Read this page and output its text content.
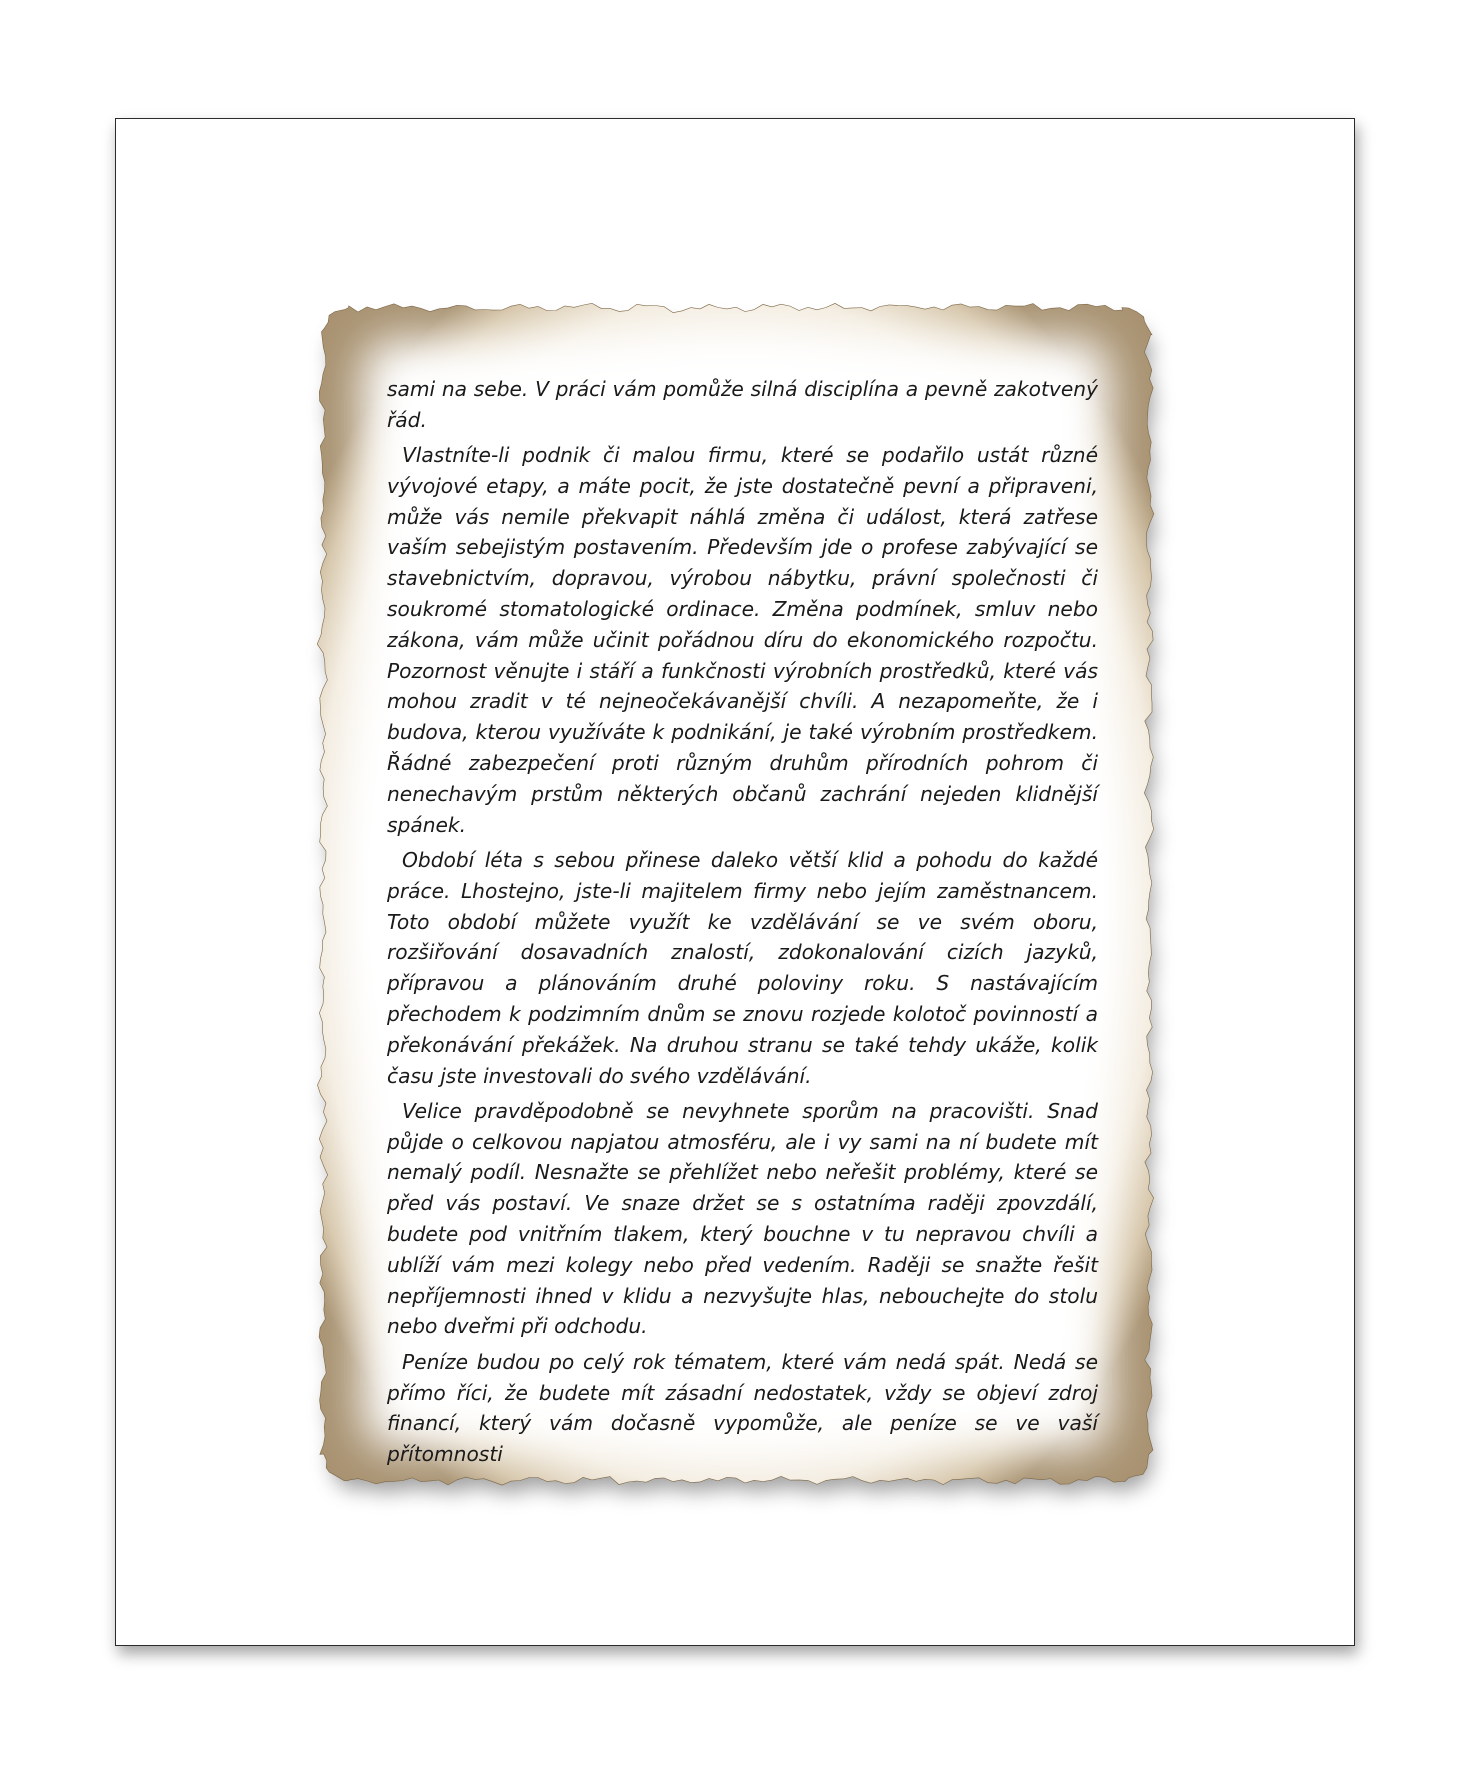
sami na sebe. V práci vám pomůže silná disciplína a pevně zakotvený řád.

Vlastníte-li podnik či malou firmu, které se podařilo ustát různé vývojové etapy, a máte pocit, že jste dostatečně pevní a připraveni, může vás nemile překvapit náhlá změna či událost, která zatřese vaším sebejistým postavením. Především jde o profese zabývající se stavebnictvím, dopravou, výrobou nábytku, právní společnosti či soukromé stomatologické ordinace. Změna podmínek, smluv nebo zákona, vám může učinit pořádnou díru do ekonomického rozpočtu. Pozornost věnujte i stáří a funkčnosti výrobních prostředků, které vás mohou zradit v té nejneočekávanější chvíli. A nezapomeňte, že i budova, kterou využíváte k podnikání, je také výrobním prostředkem. Řádné zabezpečení proti různým druhům přírodních pohrom či nenechavým prstům některých občanů zachrání nejeden klidnější spánek.

Období léta s sebou přinese daleko větší klid a pohodu do každé práce. Lhostejno, jste-li majitelem firmy nebo jejím zaměstnancem. Toto období můžete využít ke vzdělávání se ve svém oboru, rozšiřování dosavadních znalostí, zdokonalování cizích jazyků, přípravou a plánováním druhé poloviny roku. S nastávajícím přechodem k podzimním dnům se znovu rozjede kolotoč povinností a překonávání překážek. Na druhou stranu se také tehdy ukáže, kolik času jste investovali do svého vzdělávání.

Velice pravděpodobně se nevyhnete sporům na pracovišti. Snad půjde o celkovou napjatou atmosféru, ale i vy sami na ní budete mít nemalý podíl. Nesnažte se přehlížet nebo neřešit problémy, které se před vás postaví. Ve snaze držet se s ostatníma raději zpovzdálí, budete pod vnitřním tlakem, který bouchne v tu nepravou chvíli a ublíží vám mezi kolegy nebo před vedením. Raději se snažte řešit nepříjemnosti ihned v klidu a nezvyšujte hlas, nebouchejte do stolu nebo dveřmi při odchodu.

Peníze budou po celý rok tématem, které vám nedá spát. Nedá se přímo říci, že budete mít zásadní nedostatek, vždy se objeví zdroj financí, který vám dočasně vypomůže, ale peníze se ve vaší přítomnosti
